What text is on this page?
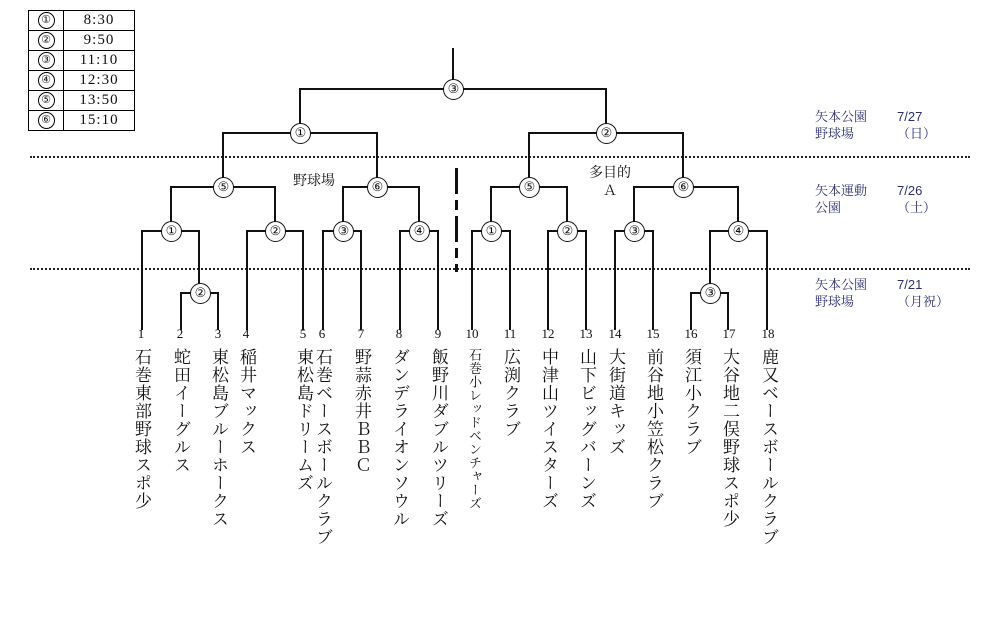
①	8:30
②	9:50
③	11:10
④	12:30
⑤	13:50
⑥	15:10
③
①	②
⑤	⑥	⑤	⑥
①
②
②	③	④	①	②	③	④
③
野球場	多目的
Ａ
矢本公園
野球場
7/27
（日）
矢本運動
公園
7/26
（土）
矢本公園
野球場
7/21
（月祝）
1
石巻東部野球スポ少
2
蛇田イーグルス
3
東松島ブルーホークス
4
稲井マックス
5
東松島ドリームズ
6
石巻ベースボールクラブ
7
野蒜赤井ＢＢＣ
8
ダンデライオンソウル
9
飯野川ダブルツリーズ
10
石巻小レッドベンチャーズ
11
広渕クラブ
12
中津山ツイスターズ
13
山下ビッグバーンズ
14
大街道キッズ
15
前谷地小笠松クラブ
16
須江小クラブ
17
大谷地二俣野球スポ少
18
鹿又ベースボールクラブ
